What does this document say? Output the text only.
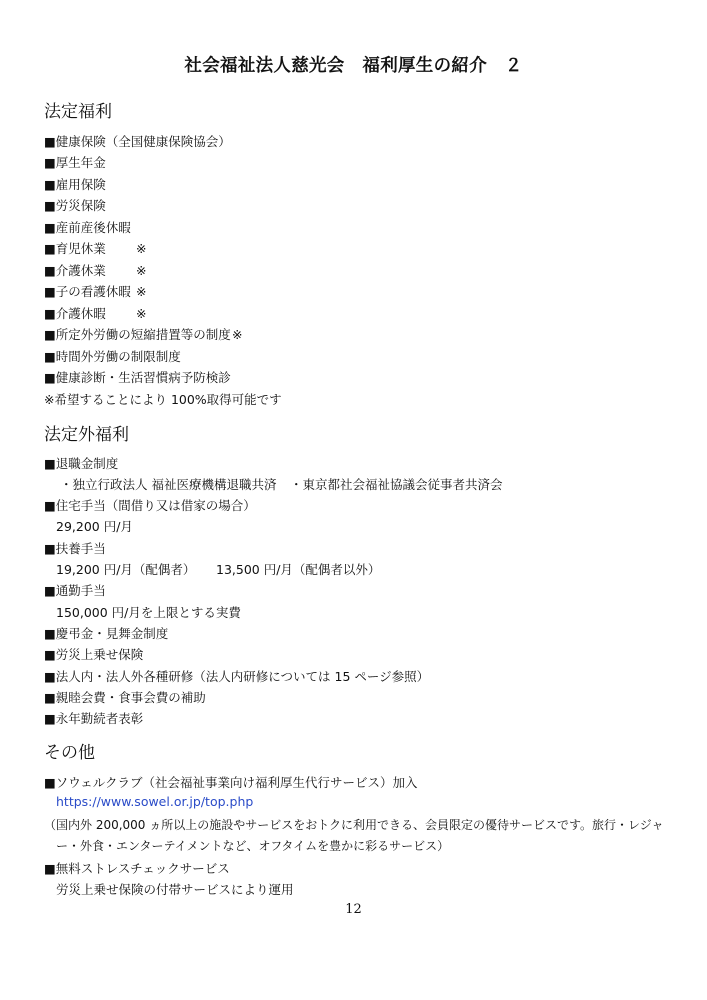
社会福祉法人慈光会　福利厚生の紹介　２
法定福利
■健康保険（全国健康保険協会）
■厚生年金
■雇用保険
■労災保険
■産前産後休暇
■育児休業 ※
■介護休業 ※
■子の看護休暇 ※
■介護休暇 ※
■所定外労働の短縮措置等の制度※
■時間外労働の制限制度
■健康診断・生活習慣病予防検診
※希望することにより 100%取得可能です
法定外福利
■退職金制度
・独立行政法人 福祉医療機構退職共済 ・東京都社会福祉協議会従事者共済会
■住宅手当（間借り又は借家の場合）
29,200 円/月
■扶養手当
19,200 円/月（配偶者） 13,500 円/月（配偶者以外）
■通勤手当
150,000 円/月を上限とする実費
■慶弔金・見舞金制度
■労災上乗せ保険
■法人内・法人外各種研修（法人内研修については 15 ページ参照）
■親睦会費・食事会費の補助
■永年勤続者表彰
その他
■ソウェルクラブ（社会福祉事業向け福利厚生代行サービス）加入
https://www.sowel.or.jp/top.php
（国内外 200,000 ヵ所以上の施設やサービスをおトクに利用できる、会員限定の優待サービスです。旅行・レジャ
ー・外食・エンターテイメントなど、オフタイムを豊かに彩るサービス）
■無料ストレスチェックサービス
労災上乗せ保険の付帯サービスにより運用
12
